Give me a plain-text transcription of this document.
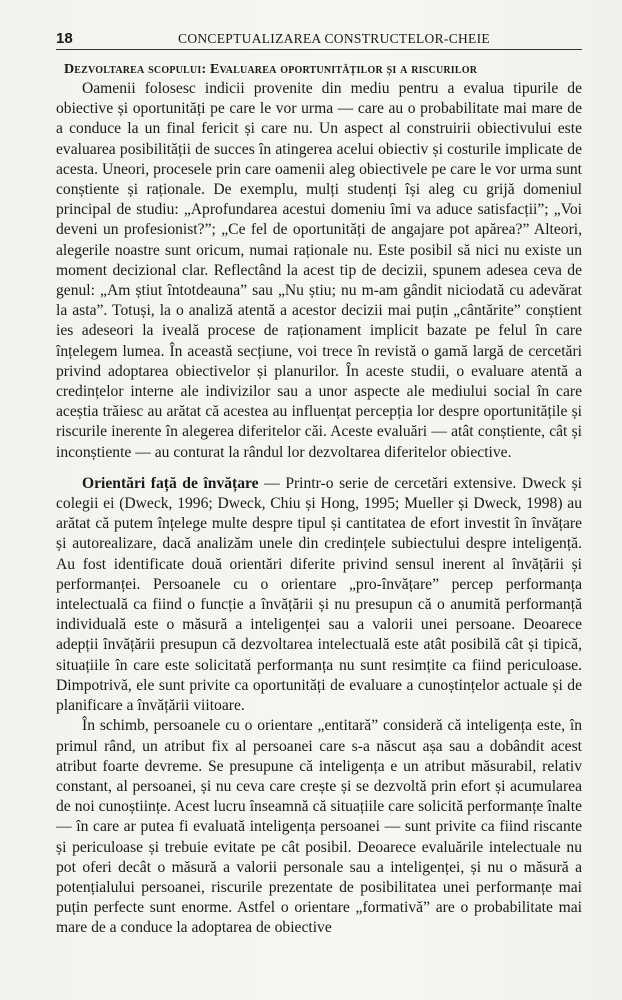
18	CONCEPTUALIZAREA CONSTRUCTELOR-CHEIE
Dezvoltarea scopului: Evaluarea oportunităților și a riscurilor

Oamenii folosesc indicii provenite din mediu pentru a evalua tipurile de obiective și oportunități pe care le vor urma — care au o probabilitate mai mare de a conduce la un final fericit și care nu. Un aspect al construirii obiectivului este evaluarea posibilității de succes în atingerea acelui obiectiv și costurile implicate de acesta. Uneori, procesele prin care oamenii aleg obiectivele pe care le vor urma sunt conștiente și raționale. De exemplu, mulți studenți își aleg cu grijă domeniul principal de studiu: „Aprofundarea acestui domeniu îmi va aduce satisfacții”; „Voi deveni un profesionist?”; „Ce fel de oportunități de angajare pot apărea?” Alteori, alegerile noastre sunt oricum, numai raționale nu. Este posibil să nici nu existe un moment decizional clar. Reflectând la acest tip de decizii, spunem adesea ceva de genul: „Am știut întotdeauna” sau „Nu știu; nu m-am gândit niciodată cu adevărat la asta”. Totuși, la o analiză atentă a acestor decizii mai puțin „cântărite” conștient ies adeseori la iveală procese de raționament implicit bazate pe felul în care înțelegem lumea. În această secțiune, voi trece în revistă o gamă largă de cercetări privind adoptarea obiectivelor și planurilor. În aceste studii, o evaluare atentă a credințelor interne ale indivizilor sau a unor aspecte ale mediului social în care aceștia trăiesc au arătat că acestea au influențat percepția lor despre oportunitățile și riscurile inerente în alegerea diferitelor căi. Aceste evaluări — atât conștiente, cât și inconștiente — au conturat la rândul lor dezvoltarea diferitelor obiective.

Orientări față de învățare — Printr-o serie de cercetări extensive. Dweck și colegii ei (Dweck, 1996; Dweck, Chiu și Hong, 1995; Mueller și Dweck, 1998) au arătat că putem înțelege multe despre tipul și cantitatea de efort investit în învățare și autorealizare, dacă analizăm unele din credințele subiectului despre inteligență. Au fost identificate două orientări diferite privind sensul inerent al învățării și performanței. Persoanele cu o orientare „pro-învățare” percep performanța intelectuală ca fiind o funcție a învățării și nu presupun că o anumită performanță individuală este o măsură a inteligenței sau a valorii unei persoane. Deoarece adepții învățării presupun că dezvoltarea intelectuală este atât posibilă cât și tipică, situațiile în care este solicitată performanța nu sunt resimțite ca fiind periculoase. Dimpotrivă, ele sunt privite ca oportunități de evaluare a cunoștințelor actuale și de planificare a învățării viitoare.

În schimb, persoanele cu o orientare „entitară” consideră că inteligența este, în primul rând, un atribut fix al persoanei care s-a născut așa sau a dobândit acest atribut foarte devreme. Se presupune că inteligența e un atribut măsurabil, relativ constant, al persoanei, și nu ceva care crește și se dezvoltă prin efort și acumularea de noi cunoștiințe. Acest lucru înseamnă că situațiile care solicită performanțe înalte — în care ar putea fi evaluată inteligența persoanei — sunt privite ca fiind riscante și periculoase și trebuie evitate pe cât posibil. Deoarece evaluările intelectuale nu pot oferi decât o măsură a valorii personale sau a inteligenței, și nu o măsură a potențialului persoanei, riscurile prezentate de posibilitatea unei performanțe mai puțin perfecte sunt enorme. Astfel o orientare „formativă” are o probabilitate mai mare de a conduce la adoptarea de obiective
